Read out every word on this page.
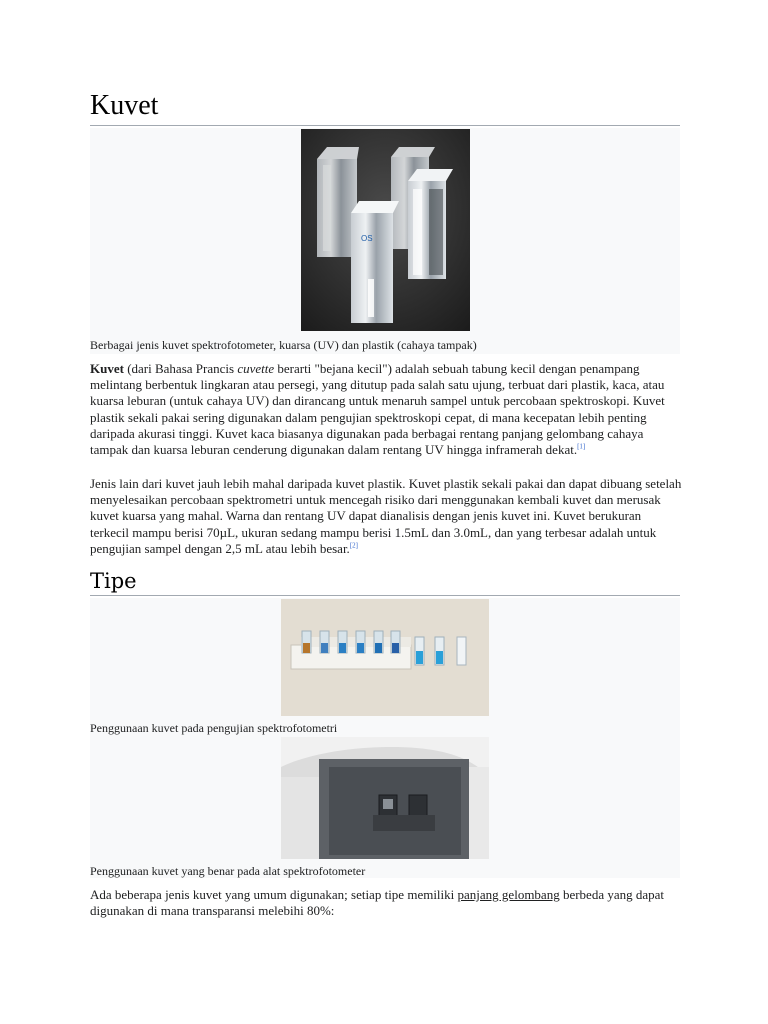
Kuvet
OS
Berbagai jenis kuvet spektrofotometer, kuarsa (UV) dan plastik (cahaya tampak)

Kuvet (dari Bahasa Prancis cuvette berarti "bejana kecil") adalah sebuah tabung kecil dengan penampang melintang berbentuk lingkaran atau persegi, yang ditutup pada salah satu ujung, terbuat dari plastik, kaca, atau kuarsa leburan (untuk cahaya UV) dan dirancang untuk menaruh sampel untuk percobaan spektroskopi. Kuvet plastik sekali pakai sering digunakan dalam pengujian spektroskopi cepat, di mana kecepatan lebih penting daripada akurasi tinggi. Kuvet kaca biasanya digunakan pada berbagai rentang panjang gelombang cahaya tampak dan kuarsa leburan cenderung digunakan dalam rentang UV hingga inframerah dekat.[1]

Jenis lain dari kuvet jauh lebih mahal daripada kuvet plastik. Kuvet plastik sekali pakai dan dapat dibuang setelah menyelesaikan percobaan spektrometri untuk mencegah risiko dari menggunakan kembali kuvet dan merusak kuvet kuarsa yang mahal. Warna dan rentang UV dapat dianalisis dengan jenis kuvet ini. Kuvet berukuran terkecil mampu berisi 70µL, ukuran sedang mampu berisi 1.5mL dan 3.0mL, dan yang terbesar adalah untuk pengujian sampel dengan 2,5 mL atau lebih besar.[2]

Tipe
Penggunaan kuvet pada pengujian spektrofotometri
Penggunaan kuvet yang benar pada alat spektrofotometer

Ada beberapa jenis kuvet yang umum digunakan; setiap tipe memiliki panjang gelombang berbeda yang dapat digunakan di mana transparansi melebihi 80%:
